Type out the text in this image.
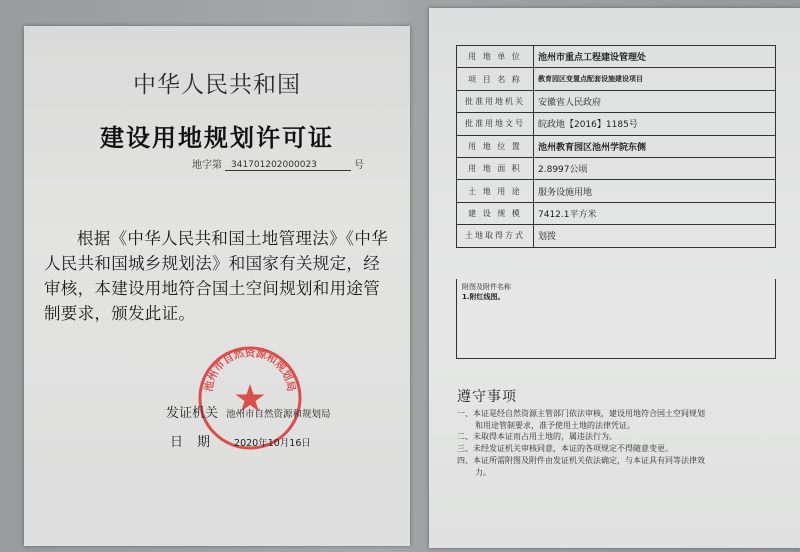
中华人民共和国
建设用地规划许可证
地字第	341701202000023	号
根据《中华人民共和国土地管理法》《中华人民共和国城乡规划法》和国家有关规定，经审核，本建设用地符合国土空间规划和用途管制要求，颁发此证。
池州市自然资源和规划局
发证机关 池州市自然资源和规划局
日 期	2020年10月16日
用 地 单 位	池州市重点工程建设管理处
项 目 名 称	教育园区变置点配套设施建设项目
批准用地机关	安徽省人民政府
批准用地文号	皖政地【2016】1185号
用 地 位 置	池州教育园区池州学院东侧
用 地 面 积	2.8997公顷
土 地 用 途	服务设施用地
建 设 规 模	7412.1平方米
土地取得方式	划拨
附图及附件名称
1.附红线图。
遵守事项
一、本证是经自然资源主管部门依法审核，建设用地符合国土空间规划
和用途管制要求，准予使用土地的法律凭证。
二、未取得本证而占用土地的，属违法行为。
三、未经发证机关审核同意，本证的各项规定不得随意变更。
四、本证所需附图及附件由发证机关依法确定，与本证具有同等法律效
力。
